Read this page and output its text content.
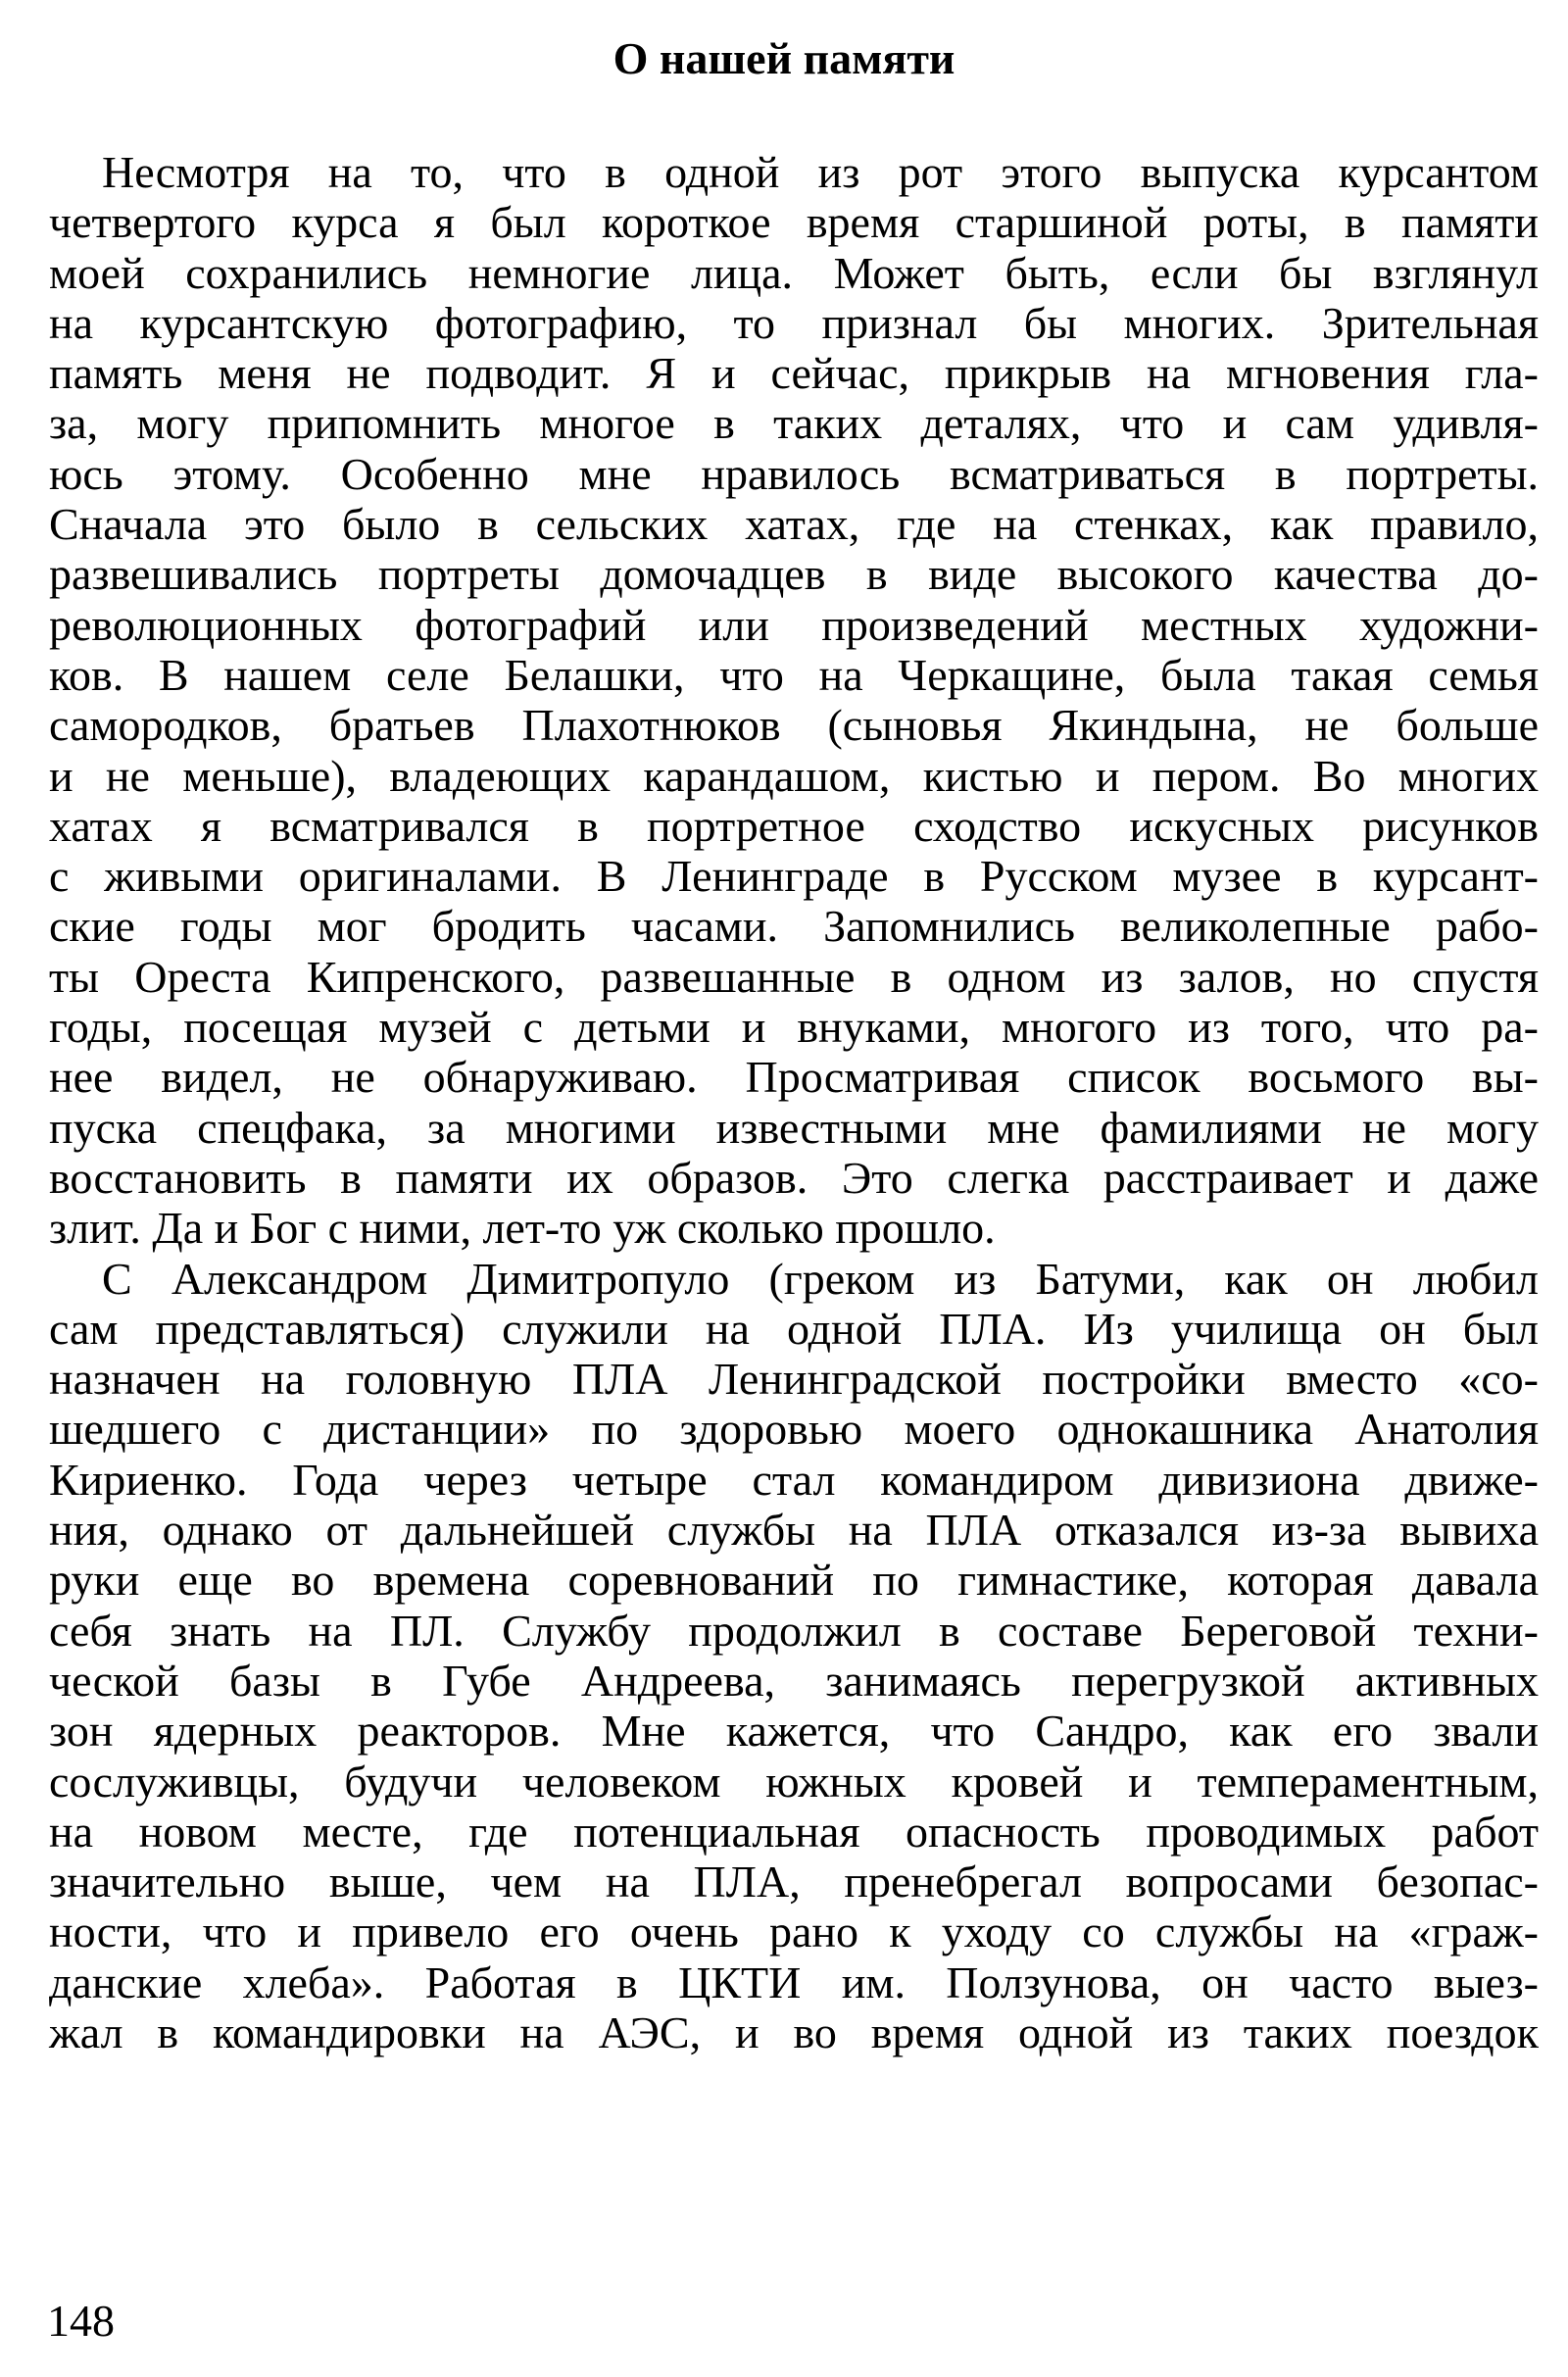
О нашей памяти
Несмотря на то, что в одной из рот этого выпуска курсантом
четвертого курса я был короткое время старшиной роты, в памяти
моей сохранились немногие лица. Может быть, если бы взглянул
на курсантскую фотографию, то признал бы многих. Зрительная
память меня не подводит. Я и сейчас, прикрыв на мгновения гла-
за, могу припомнить многое в таких деталях, что и сам удивля-
юсь этому. Особенно мне нравилось всматриваться в портреты.
Сначала это было в сельских хатах, где на стенках, как правило,
развешивались портреты домочадцев в виде высокого качества до-
революционных фотографий или произведений местных художни-
ков. В нашем селе Белашки, что на Черкащине, была такая семья
самородков, братьев Плахотнюков (сыновья Якиндына, не больше
и не меньше), владеющих карандашом, кистью и пером. Во многих
хатах я всматривался в портретное сходство искусных рисунков
с живыми оригиналами. В Ленинграде в Русском музее в курсант-
ские годы мог бродить часами. Запомнились великолепные рабо-
ты Ореста Кипренского, развешанные в одном из залов, но спустя
годы, посещая музей с детьми и внуками, многого из того, что ра-
нее видел, не обнаруживаю. Просматривая список восьмого вы-
пуска спецфака, за многими известными мне фамилиями не могу
восстановить в памяти их образов. Это слегка расстраивает и даже
злит. Да и Бог с ними, лет-то уж сколько прошло.
С Александром Димитропуло (греком из Батуми, как он любил
сам представляться) служили на одной ПЛА. Из училища он был
назначен на головную ПЛА Ленинградской постройки вместо «со-
шедшего с дистанции» по здоровью моего однокашника Анатолия
Кириенко. Года через четыре стал командиром дивизиона движе-
ния, однако от дальнейшей службы на ПЛА отказался из-за вывиха
руки еще во времена соревнований по гимнастике, которая давала
себя знать на ПЛ. Службу продолжил в составе Береговой техни-
ческой базы в Губе Андреева, занимаясь перегрузкой активных
зон ядерных реакторов. Мне кажется, что Сандро, как его звали
сослуживцы, будучи человеком южных кровей и темпераментным,
на новом месте, где потенциальная опасность проводимых работ
значительно выше, чем на ПЛА, пренебрегал вопросами безопас-
ности, что и привело его очень рано к уходу со службы на «граж-
данские хлеба». Работая в ЦКТИ им. Ползунова, он часто выез-
жал в командировки на АЭС, и во время одной из таких поездок
148
